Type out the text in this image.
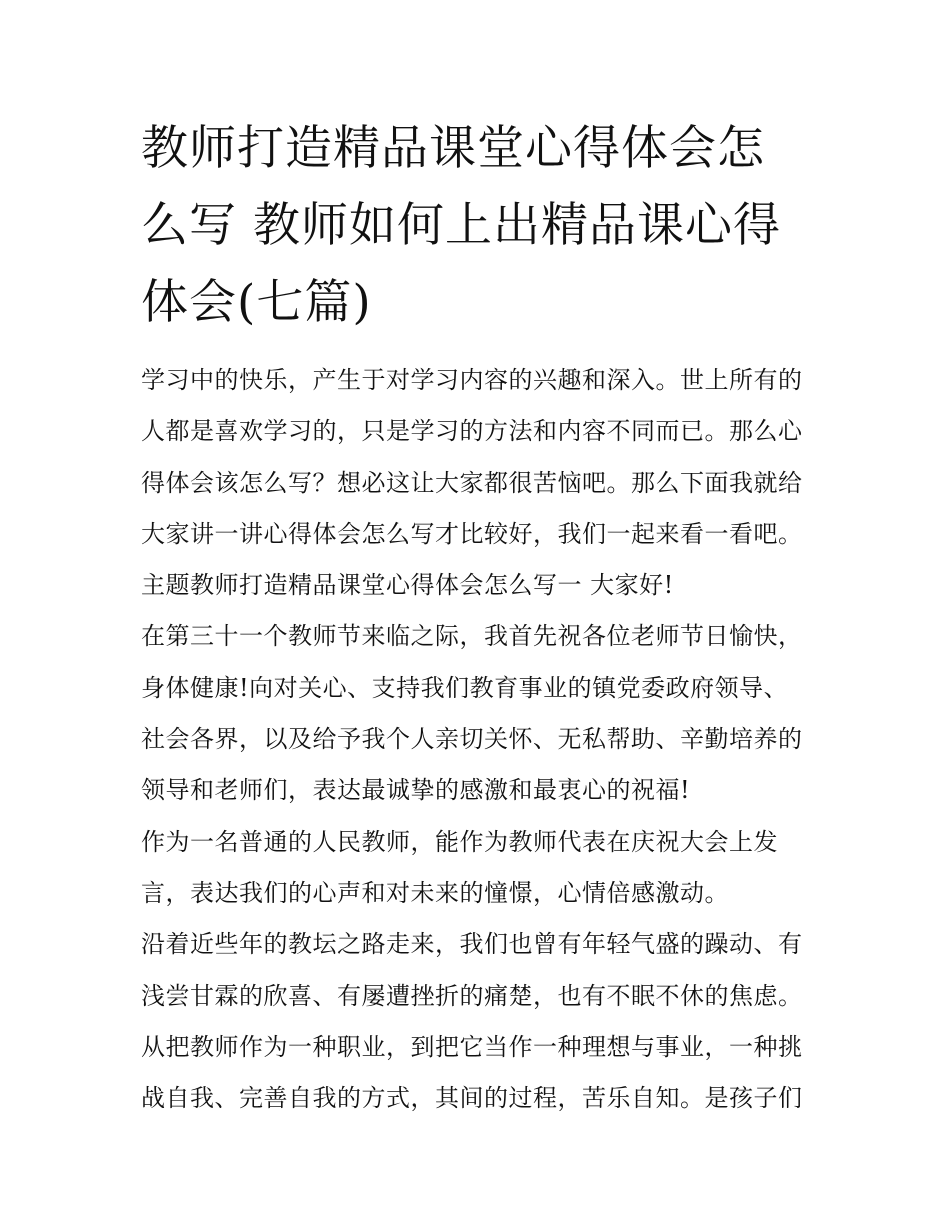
教师打造精品课堂心得体会怎
么写 教师如何上出精品课心得
体会(七篇)
学习中的快乐，产生于对学习内容的兴趣和深入。世上所有的
人都是喜欢学习的，只是学习的方法和内容不同而已。那么心
得体会该怎么写？想必这让大家都很苦恼吧。那么下面我就给
大家讲一讲心得体会怎么写才比较好，我们一起来看一看吧。
主题教师打造精品课堂心得体会怎么写一 大家好!
在第三十一个教师节来临之际，我首先祝各位老师节日愉快，
身体健康!向对关心、支持我们教育事业的镇党委政府领导、
社会各界，以及给予我个人亲切关怀、无私帮助、辛勤培养的
领导和老师们，表达最诚挚的感激和最衷心的祝福!
作为一名普通的人民教师，能作为教师代表在庆祝大会上发
言，表达我们的心声和对未来的憧憬，心情倍感激动。
沿着近些年的教坛之路走来，我们也曾有年轻气盛的躁动、有
浅尝甘霖的欣喜、有屡遭挫折的痛楚，也有不眠不休的焦虑。
从把教师作为一种职业，到把它当作一种理想与事业，一种挑
战自我、完善自我的方式，其间的过程，苦乐自知。是孩子们
